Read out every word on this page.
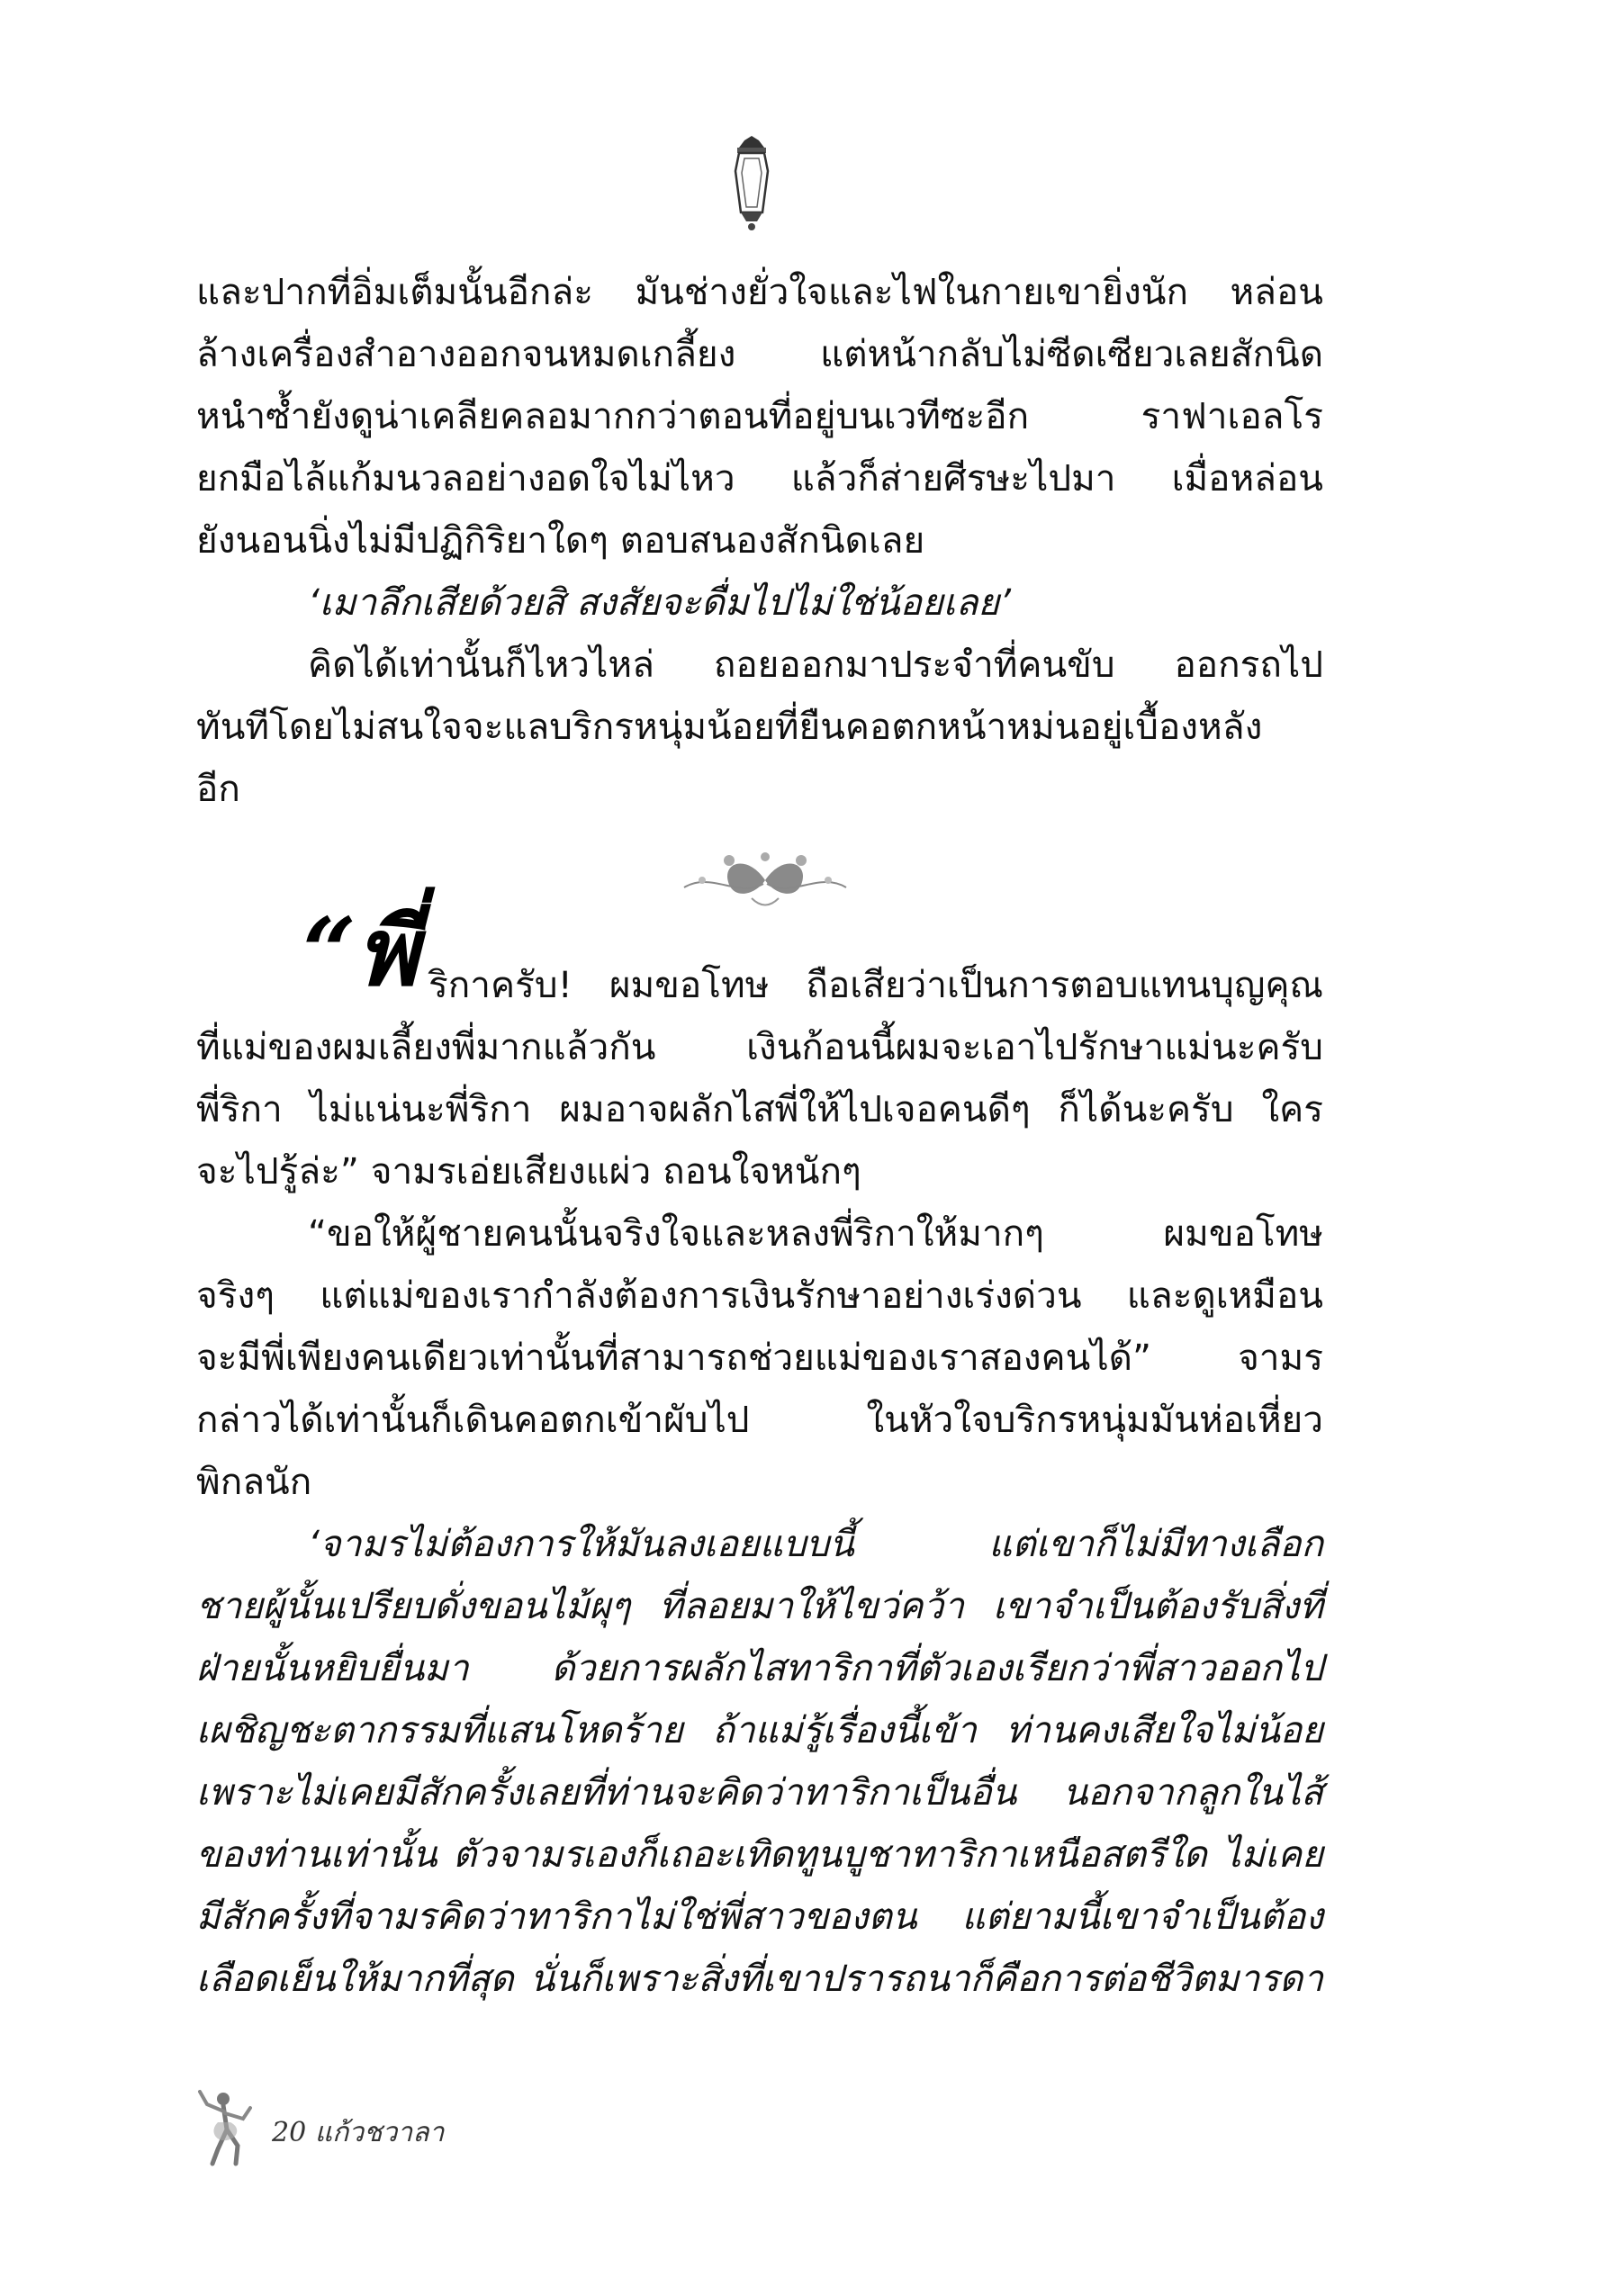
และปากที่อิ่มเต็มนั้นอีกล่ะ มันช่างยั่วใจและไฟในกายเขายิ่งนัก หล่อน
ล้างเครื่องสำอางออกจนหมดเกลี้ยง แต่หน้ากลับไม่ซีดเซียวเลยสักนิด
หนำซ้ำยังดูน่าเคลียคลอมากกว่าตอนที่อยู่บนเวทีซะอีก ราฟาเอลโร
ยกมือไล้แก้มนวลอย่างอดใจไม่ไหว แล้วก็ส่ายศีรษะไปมา เมื่อหล่อน
ยังนอนนิ่งไม่มีปฏิกิริยาใดๆ ตอบสนองสักนิดเลย
‘เมาลึกเสียด้วยสิ สงสัยจะดื่มไปไม่ใช่น้อยเลย’
คิดได้เท่านั้นก็ไหวไหล่ ถอยออกมาประจำที่คนขับ ออกรถไป
ทันทีโดยไม่สนใจจะแลบริกรหนุ่มน้อยที่ยืนคอตกหน้าหม่นอยู่เบื้องหลัง
อีก
“พี่ ริกาครับ! ผมขอโทษ ถือเสียว่าเป็นการตอบแทนบุญคุณ
ที่แม่ของผมเลี้ยงพี่มากแล้วกัน เงินก้อนนี้ผมจะเอาไปรักษาแม่นะครับ
พี่ริกา ไม่แน่นะพี่ริกา ผมอาจผลักไสพี่ให้ไปเจอคนดีๆ ก็ได้นะครับ ใคร
จะไปรู้ล่ะ” จามรเอ่ยเสียงแผ่ว ถอนใจหนักๆ
“ขอให้ผู้ชายคนนั้นจริงใจและหลงพี่ริกาให้มากๆ ผมขอโทษ
จริงๆ แต่แม่ของเรากำลังต้องการเงินรักษาอย่างเร่งด่วน และดูเหมือน
จะมีพี่เพียงคนเดียวเท่านั้นที่สามารถช่วยแม่ของเราสองคนได้” จามร
กล่าวได้เท่านั้นก็เดินคอตกเข้าผับไป ในหัวใจบริกรหนุ่มมันห่อเหี่ยว
พิกลนัก
‘จามรไม่ต้องการให้มันลงเอยแบบนี้ แต่เขาก็ไม่มีทางเลือก
ชายผู้นั้นเปรียบดั่งขอนไม้ผุๆ ที่ลอยมาให้ไขว่คว้า เขาจำเป็นต้องรับสิ่งที่
ฝ่ายนั้นหยิบยื่นมา ด้วยการผลักไสทาริกาที่ตัวเองเรียกว่าพี่สาวออกไป
เผชิญชะตากรรมที่แสนโหดร้าย ถ้าแม่รู้เรื่องนี้เข้า ท่านคงเสียใจไม่น้อย
เพราะไม่เคยมีสักครั้งเลยที่ท่านจะคิดว่าทาริกาเป็นอื่น นอกจากลูกในไส้
ของท่านเท่านั้น ตัวจามรเองก็เถอะเทิดทูนบูชาทาริกาเหนือสตรีใด ไม่เคย
มีสักครั้งที่จามรคิดว่าทาริกาไม่ใช่พี่สาวของตน แต่ยามนี้เขาจำเป็นต้อง
เลือดเย็นให้มากที่สุด นั่นก็เพราะสิ่งที่เขาปรารถนาก็คือการต่อชีวิตมารดา
20 แก้วชวาลา
